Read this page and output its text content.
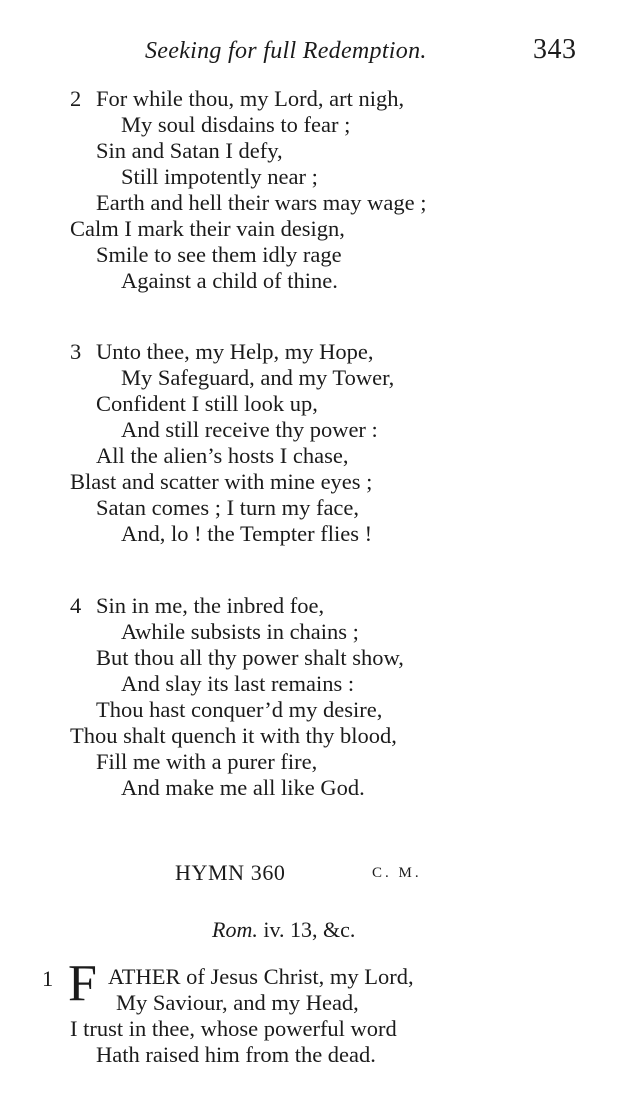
Seeking for full Redemption.	343
2 For while thou, my Lord, art nigh,
My soul disdains to fear ;
Sin and Satan I defy,
Still impotently near ;
Earth and hell their wars may wage ;
Calm I mark their vain design,
Smile to see them idly rage
Against a child of thine.
3 Unto thee, my Help, my Hope,
My Safeguard, and my Tower,
Confident I still look up,
And still receive thy power :
All the alien’s hosts I chase,
Blast and scatter with mine eyes ;
Satan comes ; I turn my face,
And, lo ! the Tempter flies !
4 Sin in me, the inbred foe,
Awhile subsists in chains ;
But thou all thy power shalt show,
And slay its last remains :
Thou hast conquer’d my desire,
Thou shalt quench it with thy blood,
Fill me with a purer fire,
And make me all like God.
HYMN 360	C. M.
Rom. iv. 13, &c.
1 F ATHER of Jesus Christ, my Lord,
My Saviour, and my Head,
I trust in thee, whose powerful word
Hath raised him from the dead.
